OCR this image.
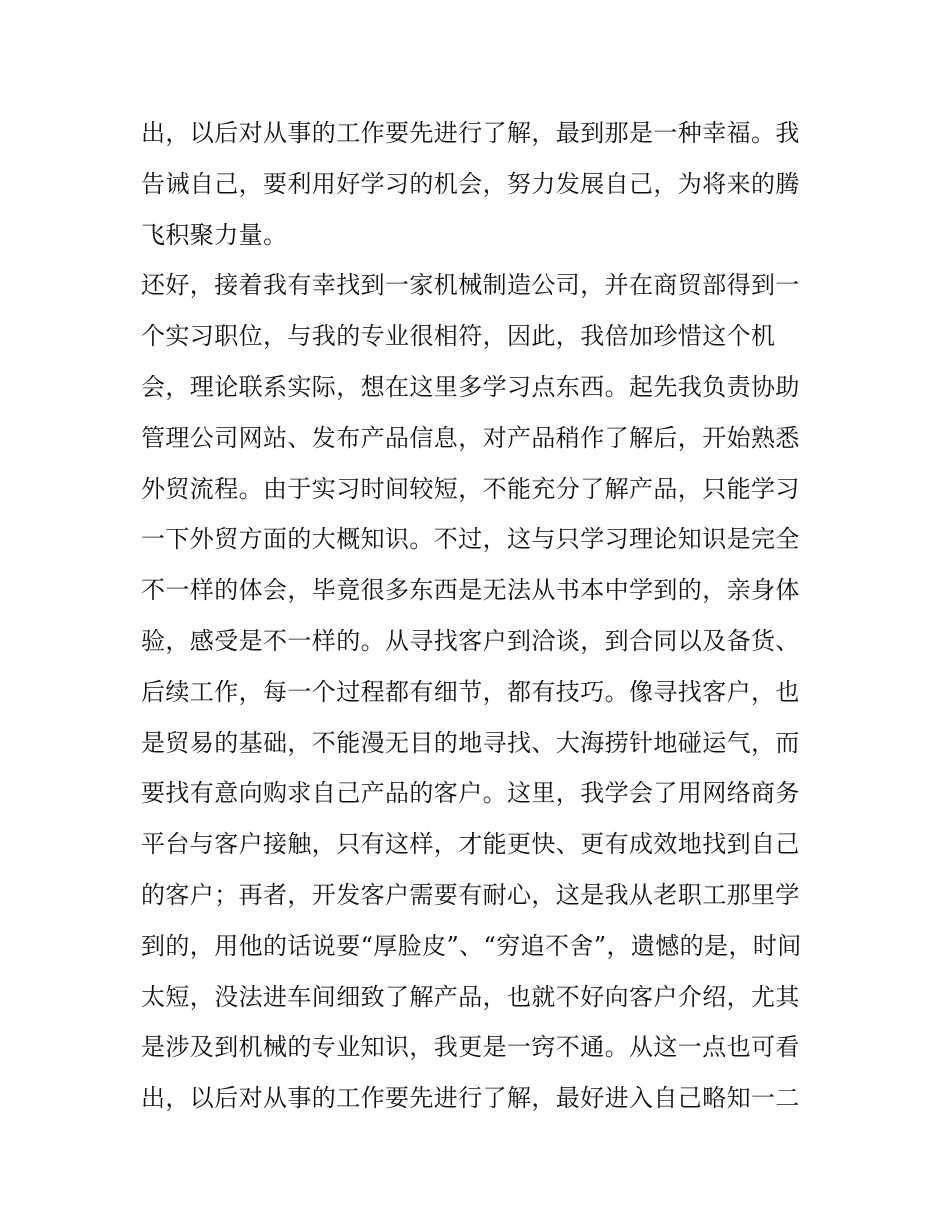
出，以后对从事的工作要先进行了解，最到那是一种幸福。我
告诫自己，要利用好学习的机会，努力发展自己，为将来的腾
飞积聚力量。
还好，接着我有幸找到一家机械制造公司，并在商贸部得到一
个实习职位，与我的专业很相符，因此，我倍加珍惜这个机
会，理论联系实际，想在这里多学习点东西。起先我负责协助
管理公司网站、发布产品信息，对产品稍作了解后，开始熟悉
外贸流程。由于实习时间较短，不能充分了解产品，只能学习
一下外贸方面的大概知识。不过，这与只学习理论知识是完全
不一样的体会，毕竟很多东西是无法从书本中学到的，亲身体
验，感受是不一样的。从寻找客户到洽谈，到合同以及备货、
后续工作，每一个过程都有细节，都有技巧。像寻找客户，也
是贸易的基础，不能漫无目的地寻找、大海捞针地碰运气，而
要找有意向购求自己产品的客户。这里，我学会了用网络商务
平台与客户接触，只有这样，才能更快、更有成效地找到自己
的客户；再者，开发客户需要有耐心，这是我从老职工那里学
到的，用他的话说要“厚脸皮”、“穷追不舍”，遗憾的是，时间
太短，没法进车间细致了解产品，也就不好向客户介绍，尤其
是涉及到机械的专业知识，我更是一窍不通。从这一点也可看
出，以后对从事的工作要先进行了解，最好进入自己略知一二
